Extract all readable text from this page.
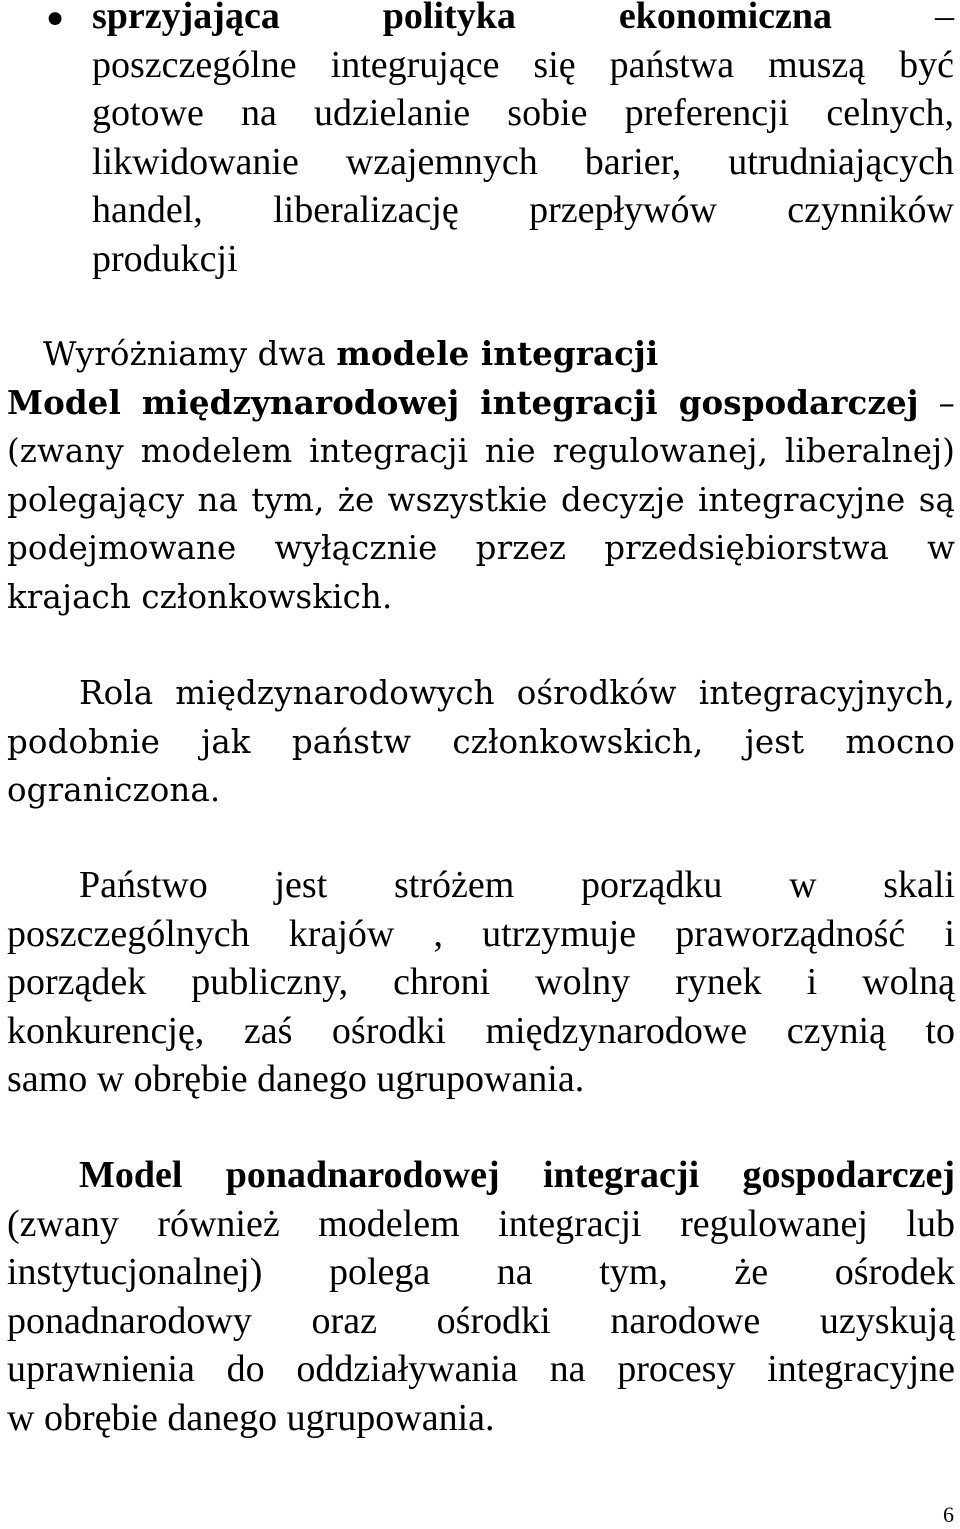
● sprzyjająca polityka ekonomiczna	–
poszczególne integrujące się państwa muszą być
gotowe na udzielanie sobie preferencji celnych,
likwidowanie wzajemnych barier, utrudniających
handel, liberalizację przepływów czynników
produkcji
Wyróżniamy dwa modele integracji
Model międzynarodowej integracji gospodarczej –
(zwany modelem integracji nie regulowanej, liberalnej)
polegający na tym, że wszystkie decyzje integracyjne są
podejmowane wyłącznie przez przedsiębiorstwa w
krajach członkowskich.
Rola międzynarodowych ośrodków integracyjnych,
podobnie jak państw członkowskich, jest mocno
ograniczona.
Państwo jest stróżem porządku w skali
poszczególnych krajów , utrzymuje praworządność i
porządek publiczny, chroni wolny rynek i wolną
konkurencję, zaś ośrodki międzynarodowe czynią to
samo w obrębie danego ugrupowania.
Model ponadnarodowej integracji gospodarczej
(zwany również modelem integracji regulowanej lub
instytucjonalnej) polega na tym, że ośrodek
ponadnarodowy oraz ośrodki narodowe uzyskują
uprawnienia do oddziaływania na procesy integracyjne
w obrębie danego ugrupowania.
6
